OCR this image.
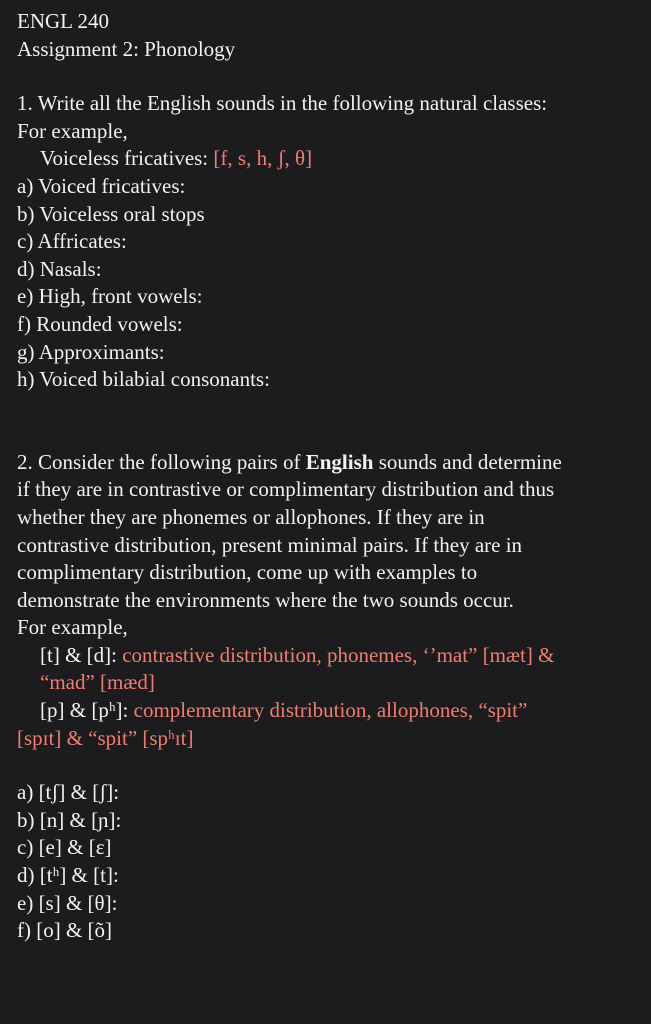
ENGL 240
Assignment 2: Phonology
1. Write all the English sounds in the following natural classes:
For example,
Voiceless fricatives: [f, s, h, ʃ, θ]
a) Voiced fricatives:
b) Voiceless oral stops
c) Affricates:
d) Nasals:
e) High, front vowels:
f) Rounded vowels:
g) Approximants:
h) Voiced bilabial consonants:
2. Consider the following pairs of English sounds and determine
if they are in contrastive or complimentary distribution and thus
whether they are phonemes or allophones. If they are in
contrastive distribution, present minimal pairs. If they are in
complimentary distribution, come up with examples to
demonstrate the environments where the two sounds occur.
For example,
[t] & [d]: contrastive distribution, phonemes, ‘’mat” [mæt] &
“mad” [mæd]
[p] & [pʰ]: complementary distribution, allophones, “spit”
[spɪt] & “spit” [spʰɪt]
a) [tʃ] & [ʃ]:
b) [n] & [ɲ]:
c) [e] & [ɛ]
d) [tʰ] & [t]:
e) [s] & [θ]:
f) [o] & [õ]
